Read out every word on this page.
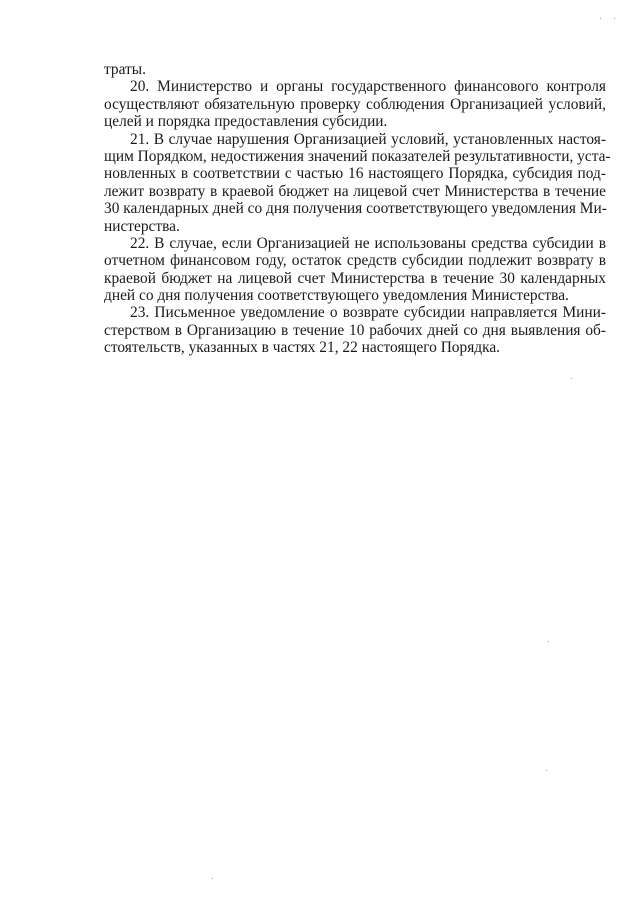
траты.
20. Министерство и органы государственного финансового контроля
осуществляют обязательную проверку соблюдения Организацией условий,
целей и порядка предоставления субсидии.
21. В случае нарушения Организацией условий, установленных настоя-
щим Порядком, недостижения значений показателей результативности, уста-
новленных в соответствии с частью 16 настоящего Порядка, субсидия под-
лежит возврату в краевой бюджет на лицевой счет Министерства в течение
30 календарных дней со дня получения соответствующего уведомления Ми-
нистерства.
22. В случае, если Организацией не использованы средства субсидии в
отчетном финансовом году, остаток средств субсидии подлежит возврату в
краевой бюджет на лицевой счет Министерства в течение 30 календарных
дней со дня получения соответствующего уведомления Министерства.
23. Письменное уведомление о возврате субсидии направляется Мини-
стерством в Организацию в течение 10 рабочих дней со дня выявления об-
стоятельств, указанных в частях 21, 22 настоящего Порядка.
